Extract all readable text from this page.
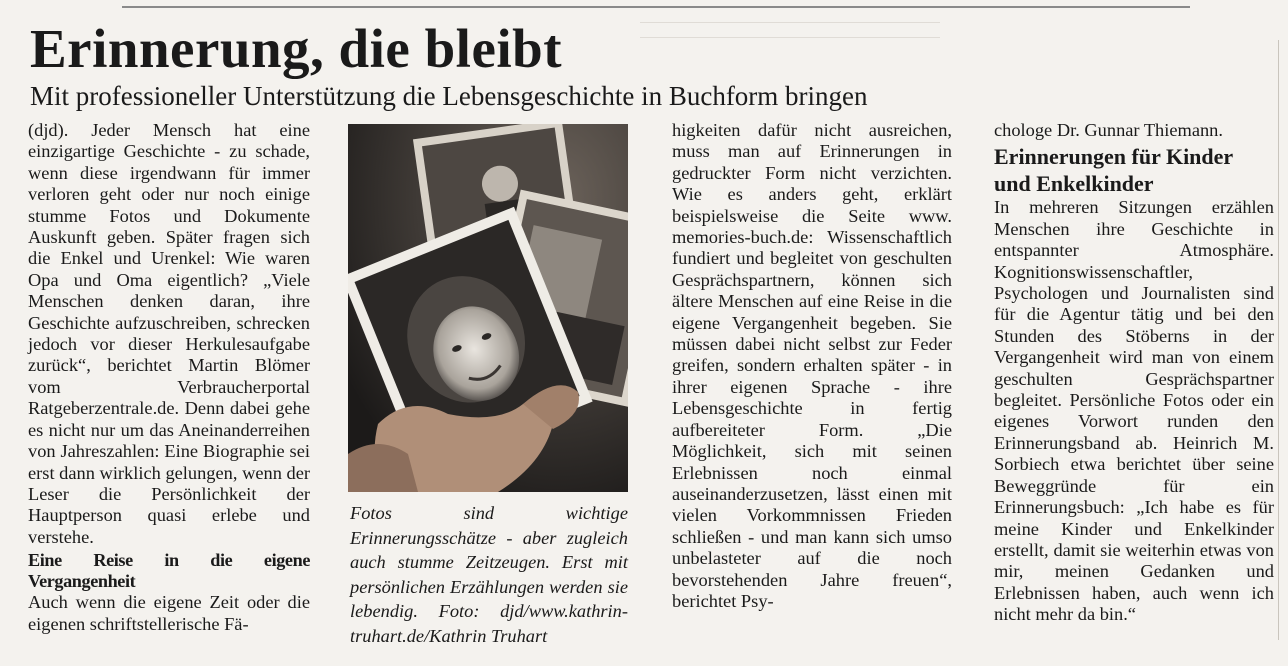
Erinnerung, die bleibt
Mit professioneller Unterstützung die Lebensgeschichte in Buchform bringen

(djd). Jeder Mensch hat eine einzigartige Geschichte - zu schade, wenn diese irgendwann für immer verloren geht oder nur noch einige stumme Fotos und Dokumente Auskunft geben. Später fragen sich die Enkel und Urenkel: Wie waren Opa und Oma eigentlich? „Viele Menschen denken daran, ihre Geschichte aufzuschreiben, schrecken jedoch vor dieser Herkulesaufgabe zurück“, berichtet Martin Blömer vom Verbraucherportal Ratgeberzentrale.de. Denn dabei gehe es nicht nur um das Aneinanderreihen von Jahreszahlen: Eine Biographie sei erst dann wirklich gelungen, wenn der Leser die Persönlichkeit der Hauptperson quasi erlebe und verstehe.

Eine Reise in die eigene Vergangenheit

Auch wenn die eigene Zeit oder die eigenen schriftstellerische Fä-

Fotos sind wichtige Erinnerungsschätze - aber zugleich auch stumme Zeitzeugen. Erst mit persönlichen Erzählungen werden sie lebendig. Foto: djd/www.kathrin-truhart.de/Kathrin Truhart

higkeiten dafür nicht ausreichen, muss man auf Erinnerungen in gedruckter Form nicht verzichten. Wie es anders geht, erklärt beispielsweise die Seite www. memories-buch.de: Wissenschaftlich fundiert und begleitet von geschulten Gesprächspartnern, können sich ältere Menschen auf eine Reise in die eigene Vergangenheit begeben. Sie müssen dabei nicht selbst zur Feder greifen, sondern erhalten später - in ihrer eigenen Sprache - ihre Lebensgeschichte in fertig aufbereiteter Form. „Die Möglichkeit, sich mit seinen Erlebnissen noch einmal auseinanderzusetzen, lässt einen mit vielen Vorkommnissen Frieden schließen - und man kann sich umso unbelasteter auf die noch bevorstehenden Jahre freuen“, berichtet Psy-

chologe Dr. Gunnar Thiemann.

Erinnerungen für Kinder und Enkelkinder

In mehreren Sitzungen erzählen Menschen ihre Geschichte in entspannter Atmosphäre. Kognitionswissenschaftler, Psychologen und Journalisten sind für die Agentur tätig und bei den Stunden des Stöberns in der Vergangenheit wird man von einem geschulten Gesprächspartner begleitet. Persönliche Fotos oder ein eigenes Vorwort runden den Erinnerungsband ab. Heinrich M. Sorbiech etwa berichtet über seine Beweggründe für ein Erinnerungsbuch: „Ich habe es für meine Kinder und Enkelkinder erstellt, damit sie weiterhin etwas von mir, meinen Gedanken und Erlebnissen haben, auch wenn ich nicht mehr da bin.“
